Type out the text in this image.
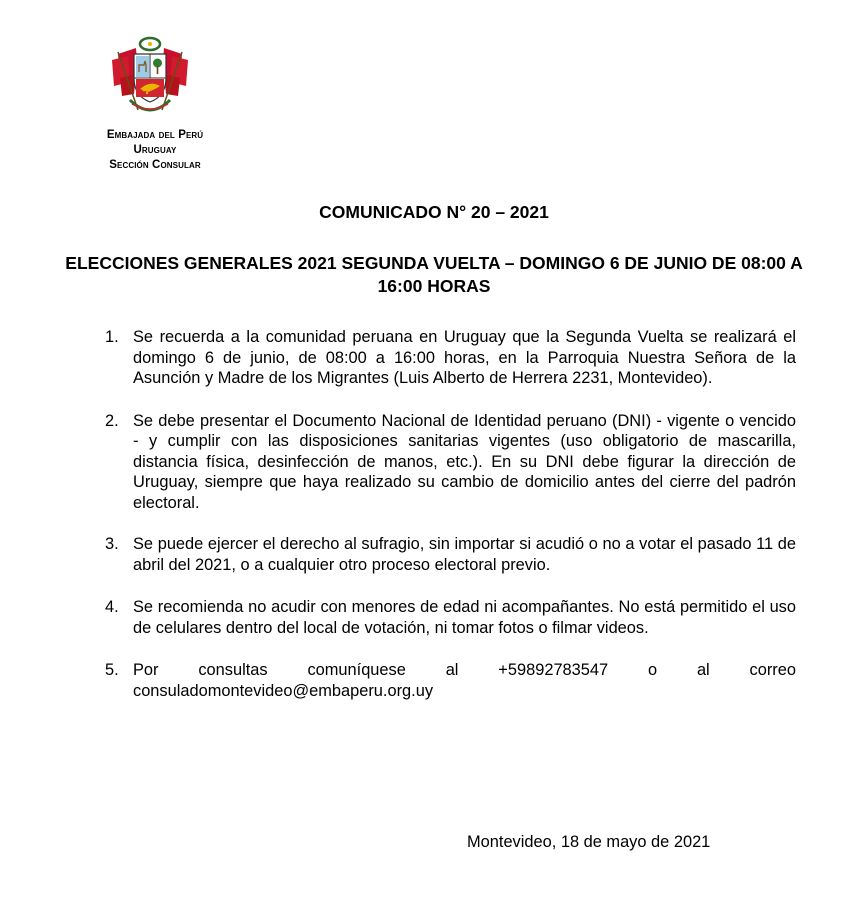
Embajada del Perú
Uruguay
Sección Consular
COMUNICADO N° 20 – 2021
ELECCIONES GENERALES 2021 SEGUNDA VUELTA – DOMINGO 6 DE JUNIO DE 08:00 A 16:00 HORAS
1. Se recuerda a la comunidad peruana en Uruguay que la Segunda Vuelta se realizará el domingo 6 de junio, de 08:00 a 16:00 horas, en la Parroquia Nuestra Señora de la Asunción y Madre de los Migrantes (Luis Alberto de Herrera 2231, Montevideo).
2. Se debe presentar el Documento Nacional de Identidad peruano (DNI) - vigente o vencido - y cumplir con las disposiciones sanitarias vigentes (uso obligatorio de mascarilla, distancia física, desinfección de manos, etc.). En su DNI debe figurar la dirección de Uruguay, siempre que haya realizado su cambio de domicilio antes del cierre del padrón electoral.
3. Se puede ejercer el derecho al sufragio, sin importar si acudió o no a votar el pasado 11 de abril del 2021, o a cualquier otro proceso electoral previo.
4. Se recomienda no acudir con menores de edad ni acompañantes. No está permitido el uso de celulares dentro del local de votación, ni tomar fotos o filmar videos.
5. Por consultas comuníquese al +59892783547 o al correo
consuladomontevideo@embaperu.org.uy
Montevideo, 18 de mayo de 2021
